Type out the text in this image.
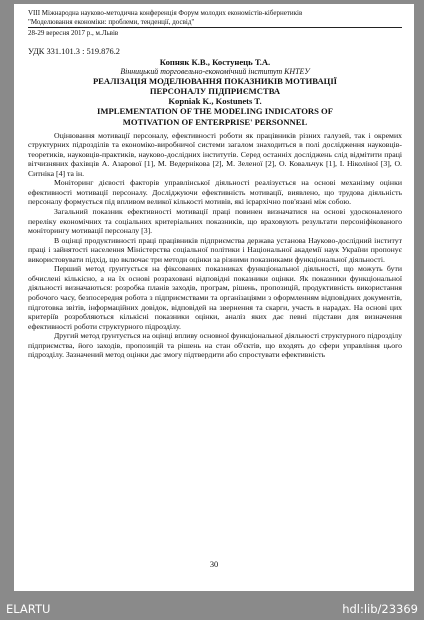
VIII Міжнародна науково-методична конференція Форум молодих економістів-кібернетиків
"Моделювання економіки: проблеми, тенденції, досвід"
28-29 вересня 2017 р., м.Львів
УДК 331.101.3 : 519.876.2
Копняк К.В., Костунець Т.А.
Вінницький торговельно-економічний інститут КНТЕУ
РЕАЛІЗАЦІЯ МОДЕЛЮВАННЯ ПОКАЗНИКІВ МОТИВАЦІЇ
ПЕРСОНАЛУ ПІДПРИЄМСТВА
Kopniak K., Kostunets T.
IMPLEMENTATION OF THE MODELING INDICATORS OF
MOTIVATION OF ENTERPRISE' PERSONNEL

Оцінювання мотивації персоналу, ефективності роботи як працівників різних галузей, так і окремих структурних підрозділів та економіко-виробничої системи загалом знаходиться в полі дослідження науковців-теоретиків, науковців-практиків, науково-дослідних інститутів. Серед останніх досліджень слід відмітити праці вітчизняних фахівців А. Азарової [1], М. Ведернікова [2], М. Зеленої [2], О. Ковальчук [1], І. Ніколіної [3], О. Ситніка [4] та ін.

Моніторинг дієвості факторів управлінської діяльності реалізується на основі механізму оцінки ефективності мотивації персоналу. Досліджуючи ефективність мотивації, виявлено, що трудова діяльність персоналу формується під впливом великої кількості мотивів, які ієрархічно пов'язані між собою.

Загальний показник ефективності мотивації праці повинен визначатися на основі удосконаленого переліку економічних та соціальних критеріальних показників, що враховують результати персоніфікованого моніторингу мотивації персоналу [3].

В оцінці продуктивності праці працівників підприємства держава установа Науково-дослідний інститут праці і зайнятості населення Міністерства соціальної політики і Національної академії наук України пропонує використовувати підхід, що включає три методи оцінки за різними показниками функціональної діяльності.

Перший метод ґрунтується на фіксованих показниках функціональної діяльності, що можуть бути обчислені кількісно, а на їх основі розраховані відповідні показники оцінки. Як показники функціональної діяльності визначаються: розробка планів заходів, програм, рішень, пропозицій, продуктивність використання робочого часу, безпосередня робота з підприємствами та організаціями з оформленням відповідних документів, підготовка звітів, інформаційних довідок, відповідей на звернення та скарги, участь в нарадах. На основі цих критеріїв розробляються кількісні показники оцінки, аналіз яких дає певні підстави для визначення ефективності роботи структурного підрозділу.

Другий метод ґрунтується на оцінці впливу основної функціональної діяльності структурного підрозділу підприємства, його заходів, пропозицій та рішень на стан об'єктів, що входять до сфери управління цього підрозділу. Зазначений метод оцінки дає змогу підтвердити або спростувати ефективність

30
ELARTU	hdl:lib/23369
